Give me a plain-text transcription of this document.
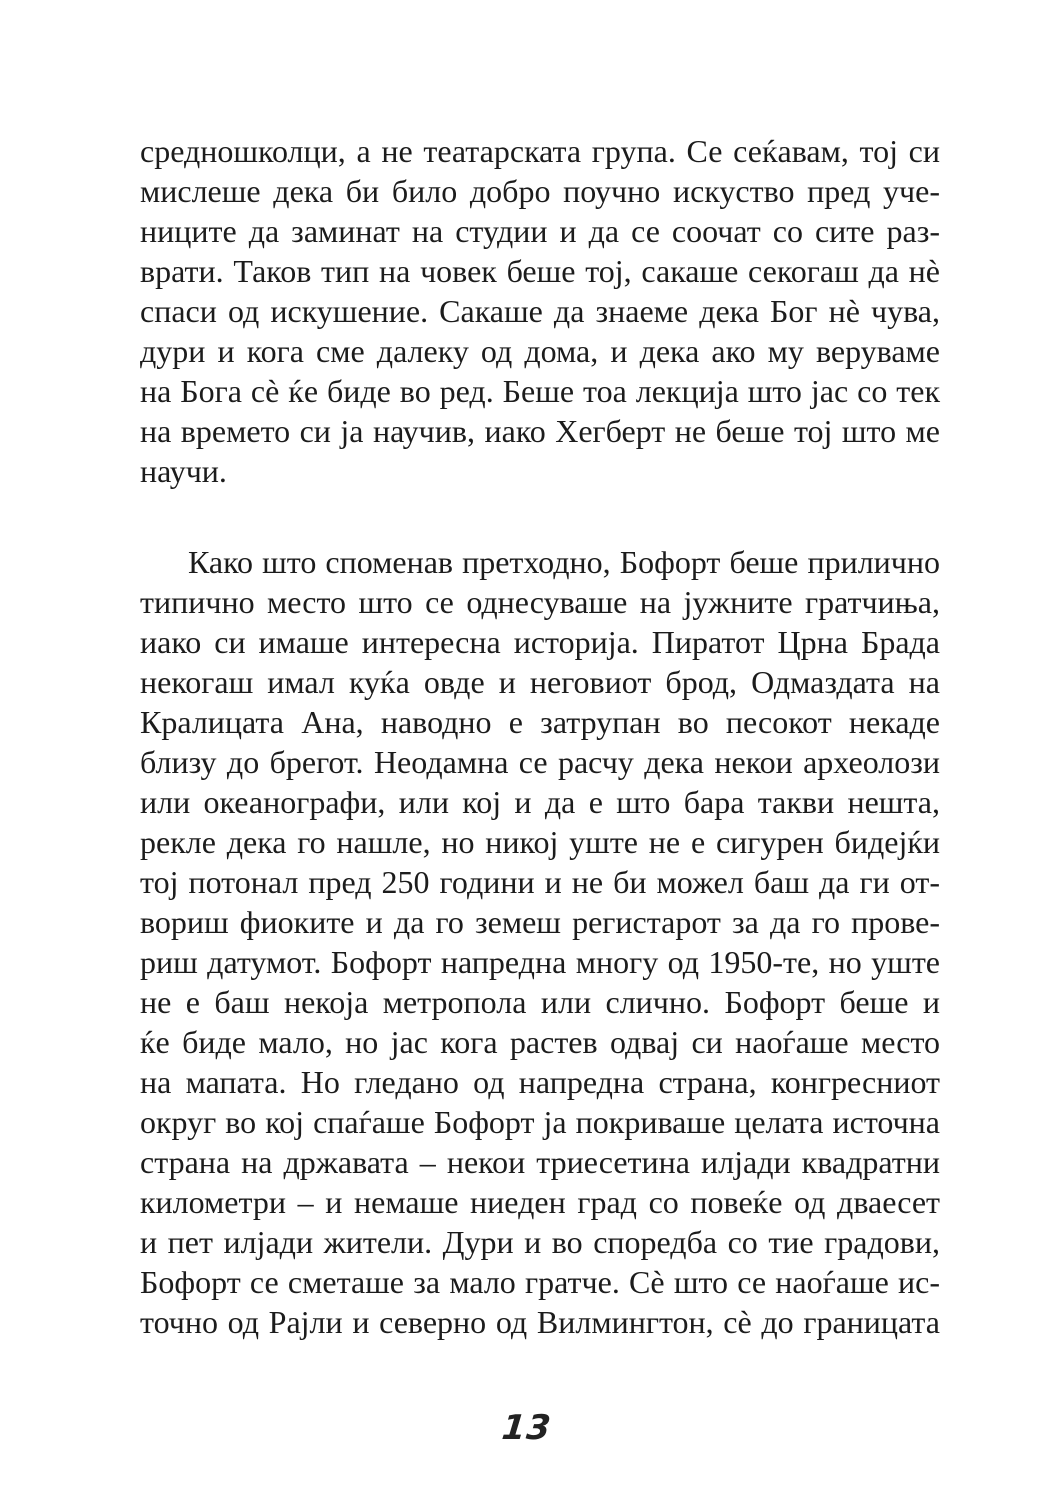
средношколци, а не театарската група. Се сеќавам, тој си
мислеше дека би било добро поучно искуство пред уче-
ниците да заминат на студии и да се соочат со сите раз-
врати. Таков тип на човек беше тој, сакаше секогаш да нѐ
спаси од искушение. Сакаше да знаеме дека Бог нѐ чува,
дури и кога сме далеку од дома, и дека ако му веруваме
на Бога сѐ ќе биде во ред. Беше тоа лекција што јас со тек
на времето си ја научив, иако Хегберт не беше тој што ме
научи.
Како што споменав претходно, Бофорт беше прилично
типично место што се однесуваше на јужните гратчиња,
иако си имаше интересна историја. Пиратот Црна Брада
некогаш имал куќа овде и неговиот брод, Одмаздата на
Кралицата Ана, наводно е затрупан во песокот некаде
близу до брегот. Неодамна се расчу дека некои археолози
или океанографи, или кој и да е што бара такви нешта,
рекле дека го нашле, но никој уште не е сигурен бидејќи
тој потонал пред 250 години и не би можел баш да ги от-
вориш фиоките и да го земеш регистарот за да го прове-
риш датумот. Бофорт напредна многу од 1950-те, но уште
не е баш некоја метропола или слично. Бофорт беше и
ќе биде мало, но јас кога растев одвај си наоѓаше место
на мапата. Но гледано од напредна страна, конгресниот
округ во кој спаѓаше Бофорт ја покриваше целата источна
страна на државата – некои триесетина илјади квадратни
километри – и немаше ниеден град со повеќе од дваесет
и пет илјади жители. Дури и во споредба со тие градови,
Бофорт се сметаше за мало гратче. Сѐ што се наоѓаше ис-
точно од Рајли и северно од Вилмингтон, сѐ до границата
13
